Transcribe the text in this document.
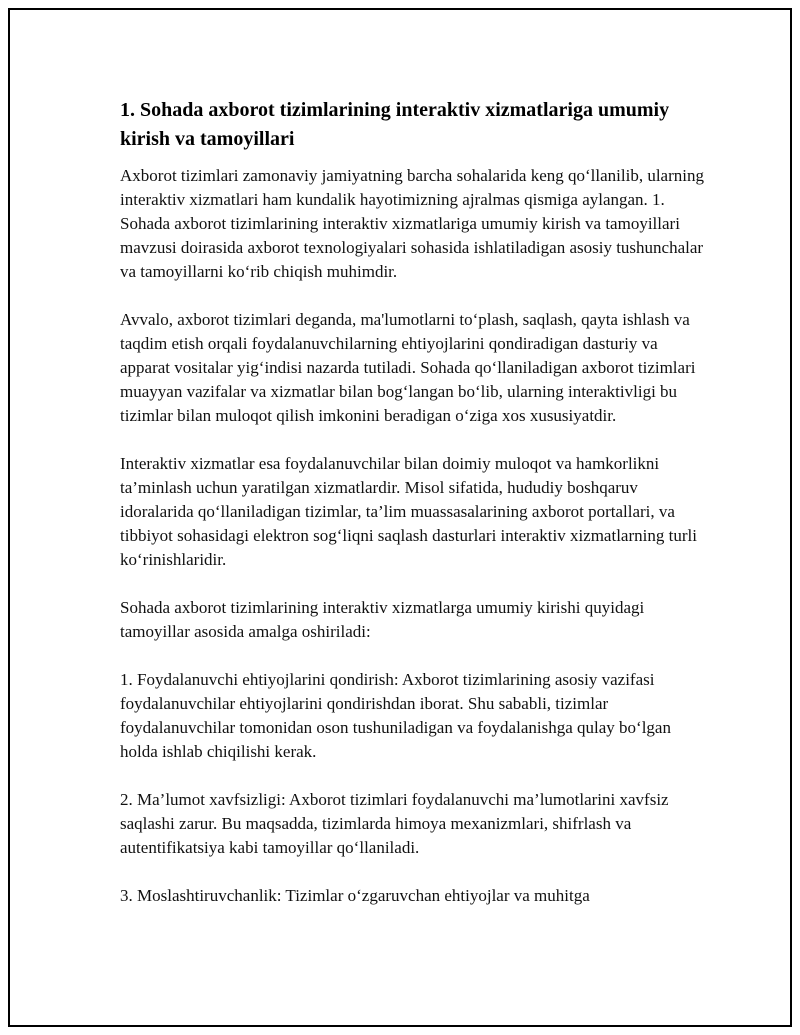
1. Sohada axborot tizimlarining interaktiv xizmatlariga umumiy kirish va tamoyillari

Axborot tizimlari zamonaviy jamiyatning barcha sohalarida keng qo‘llanilib, ularning interaktiv xizmatlari ham kundalik hayotimizning ajralmas qismiga aylangan. 1. Sohada axborot tizimlarining interaktiv xizmatlariga umumiy kirish va tamoyillari mavzusi doirasida axborot texnologiyalari sohasida ishlatiladigan asosiy tushunchalar va tamoyillarni ko‘rib chiqish muhimdir.

Avvalo, axborot tizimlari deganda, ma'lumotlarni to‘plash, saqlash, qayta ishlash va taqdim etish orqali foydalanuvchilarning ehtiyojlarini qondiradigan dasturiy va apparat vositalar yig‘indisi nazarda tutiladi. Sohada qo‘llaniladigan axborot tizimlari muayyan vazifalar va xizmatlar bilan bog‘langan bo‘lib, ularning interaktivligi bu tizimlar bilan muloqot qilish imkonini beradigan o‘ziga xos xususiyatdir.

Interaktiv xizmatlar esa foydalanuvchilar bilan doimiy muloqot va hamkorlikni ta’minlash uchun yaratilgan xizmatlardir. Misol sifatida, hududiy boshqaruv idoralarida qo‘llaniladigan tizimlar, ta’lim muassasalarining axborot portallari, va tibbiyot sohasidagi elektron sog‘liqni saqlash dasturlari interaktiv xizmatlarning turli ko‘rinishlaridir.

Sohada axborot tizimlarining interaktiv xizmatlarga umumiy kirishi quyidagi tamoyillar asosida amalga oshiriladi:

1. Foydalanuvchi ehtiyojlarini qondirish: Axborot tizimlarining asosiy vazifasi foydalanuvchilar ehtiyojlarini qondirishdan iborat. Shu sababli, tizimlar foydalanuvchilar tomonidan oson tushuniladigan va foydalanishga qulay bo‘lgan holda ishlab chiqilishi kerak.

2. Ma’lumot xavfsizligi: Axborot tizimlari foydalanuvchi ma’lumotlarini xavfsiz saqlashi zarur. Bu maqsadda, tizimlarda himoya mexanizmlari, shifrlash va autentifikatsiya kabi tamoyillar qo‘llaniladi.

3. Moslashtiruvchanlik: Tizimlar o‘zgaruvchan ehtiyojlar va muhitga
